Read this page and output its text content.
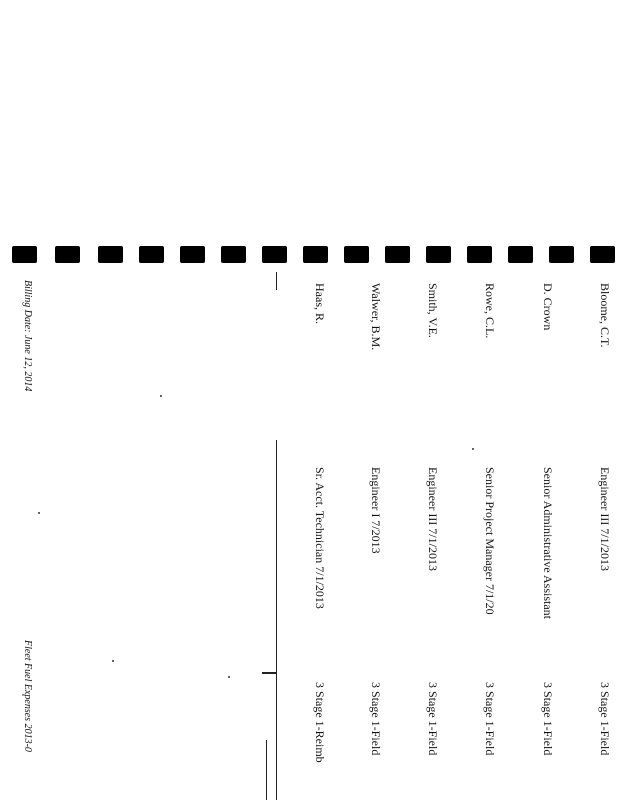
Bloome, C.T.
Engineer III 7/1/2013
3 Stage 1-Field
D. Crown
Senior Administrative Assistant
3 Stage 1-Field
Rowe, C.L.
Senior Project Manager 7/1/20
3 Stage 1-Field
Smith, V.E.
Engineer III 7/1/2013
3 Stage 1-Field
Walwer, B.M.
Engineer I 7/2013
3 Stage 1-Field
Haas, R.
Sr. Acct. Technician 7/1/2013
3 Stage 1-Reimb
Billing Date: June 12, 2014
Fleet Fuel Expenses 2013-0
